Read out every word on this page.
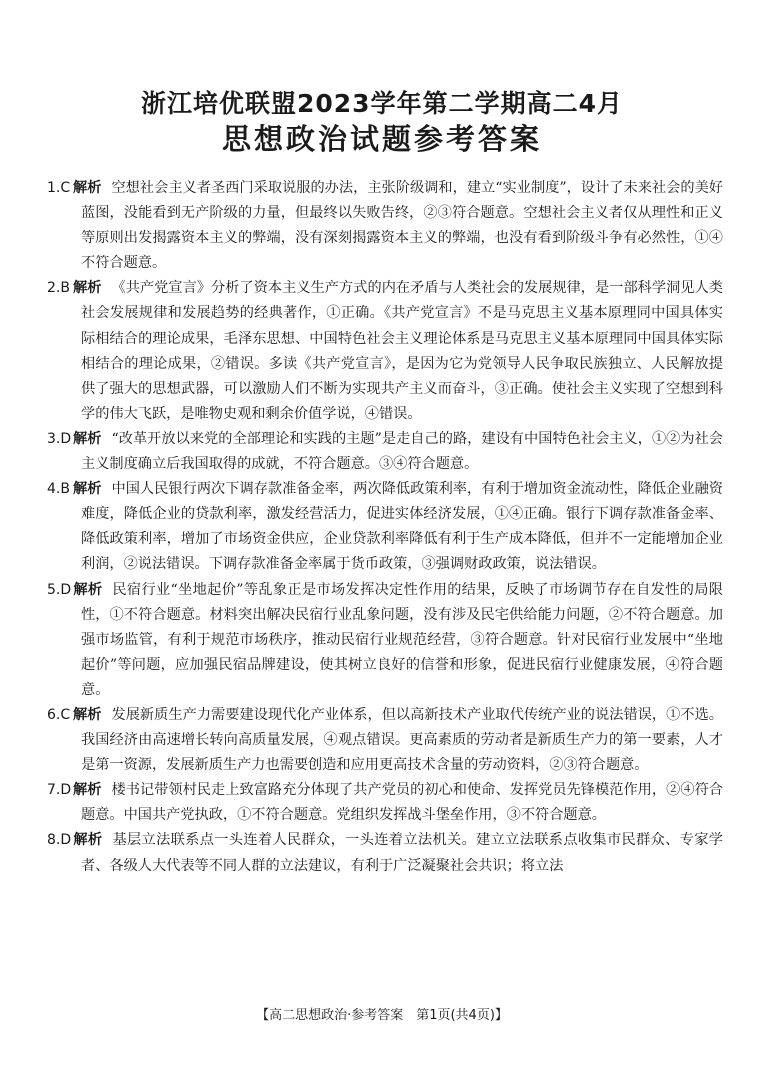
浙江培优联盟2023学年第二学期高二4月
思想政治试题参考答案

1.C 解析 空想社会主义者圣西门采取说服的办法，主张阶级调和，建立“实业制度”，设计了未来社会的美好蓝图，没能看到无产阶级的力量，但最终以失败告终，②③符合题意。空想社会主义者仅从理性和正义等原则出发揭露资本主义的弊端，没有深刻揭露资本主义的弊端，也没有看到阶级斗争有必然性，①④不符合题意。

2.B 解析 《共产党宣言》分析了资本主义生产方式的内在矛盾与人类社会的发展规律，是一部科学洞见人类社会发展规律和发展趋势的经典著作，①正确。《共产党宣言》不是马克思主义基本原理同中国具体实际相结合的理论成果，毛泽东思想、中国特色社会主义理论体系是马克思主义基本原理同中国具体实际相结合的理论成果，②错误。多读《共产党宣言》，是因为它为党领导人民争取民族独立、人民解放提供了强大的思想武器，可以激励人们不断为实现共产主义而奋斗，③正确。使社会主义实现了空想到科学的伟大飞跃，是唯物史观和剩余价值学说，④错误。

3.D 解析 “改革开放以来党的全部理论和实践的主题”是走自己的路，建设有中国特色社会主义，①②为社会主义制度确立后我国取得的成就，不符合题意。③④符合题意。

4.B 解析 中国人民银行两次下调存款准备金率，两次降低政策利率，有利于增加资金流动性，降低企业融资难度，降低企业的贷款利率，激发经营活力，促进实体经济发展，①④正确。银行下调存款准备金率、降低政策利率，增加了市场资金供应，企业贷款利率降低有利于生产成本降低，但并不一定能增加企业利润，②说法错误。下调存款准备金率属于货币政策，③强调财政政策，说法错误。

5.D 解析 民宿行业“坐地起价”等乱象正是市场发挥决定性作用的结果，反映了市场调节存在自发性的局限性，①不符合题意。材料突出解决民宿行业乱象问题，没有涉及民宅供给能力问题，②不符合题意。加强市场监管，有利于规范市场秩序，推动民宿行业规范经营，③符合题意。针对民宿行业发展中“坐地起价”等问题，应加强民宿品牌建设，使其树立良好的信誉和形象，促进民宿行业健康发展，④符合题意。

6.C 解析 发展新质生产力需要建设现代化产业体系，但以高新技术产业取代传统产业的说法错误，①不选。我国经济由高速增长转向高质量发展，④观点错误。更高素质的劳动者是新质生产力的第一要素，人才是第一资源，发展新质生产力也需要创造和应用更高技术含量的劳动资料，②③符合题意。

7.D 解析 楼书记带领村民走上致富路充分体现了共产党员的初心和使命、发挥党员先锋模范作用，②④符合题意。中国共产党执政，①不符合题意。党组织发挥战斗堡垒作用，③不符合题意。

8.D 解析 基层立法联系点一头连着人民群众，一头连着立法机关。建立立法联系点收集市民群众、专家学者、各级人大代表等不同人群的立法建议，有利于广泛凝聚社会共识；将立法

【高二思想政治·参考答案　第1页(共4页)】
